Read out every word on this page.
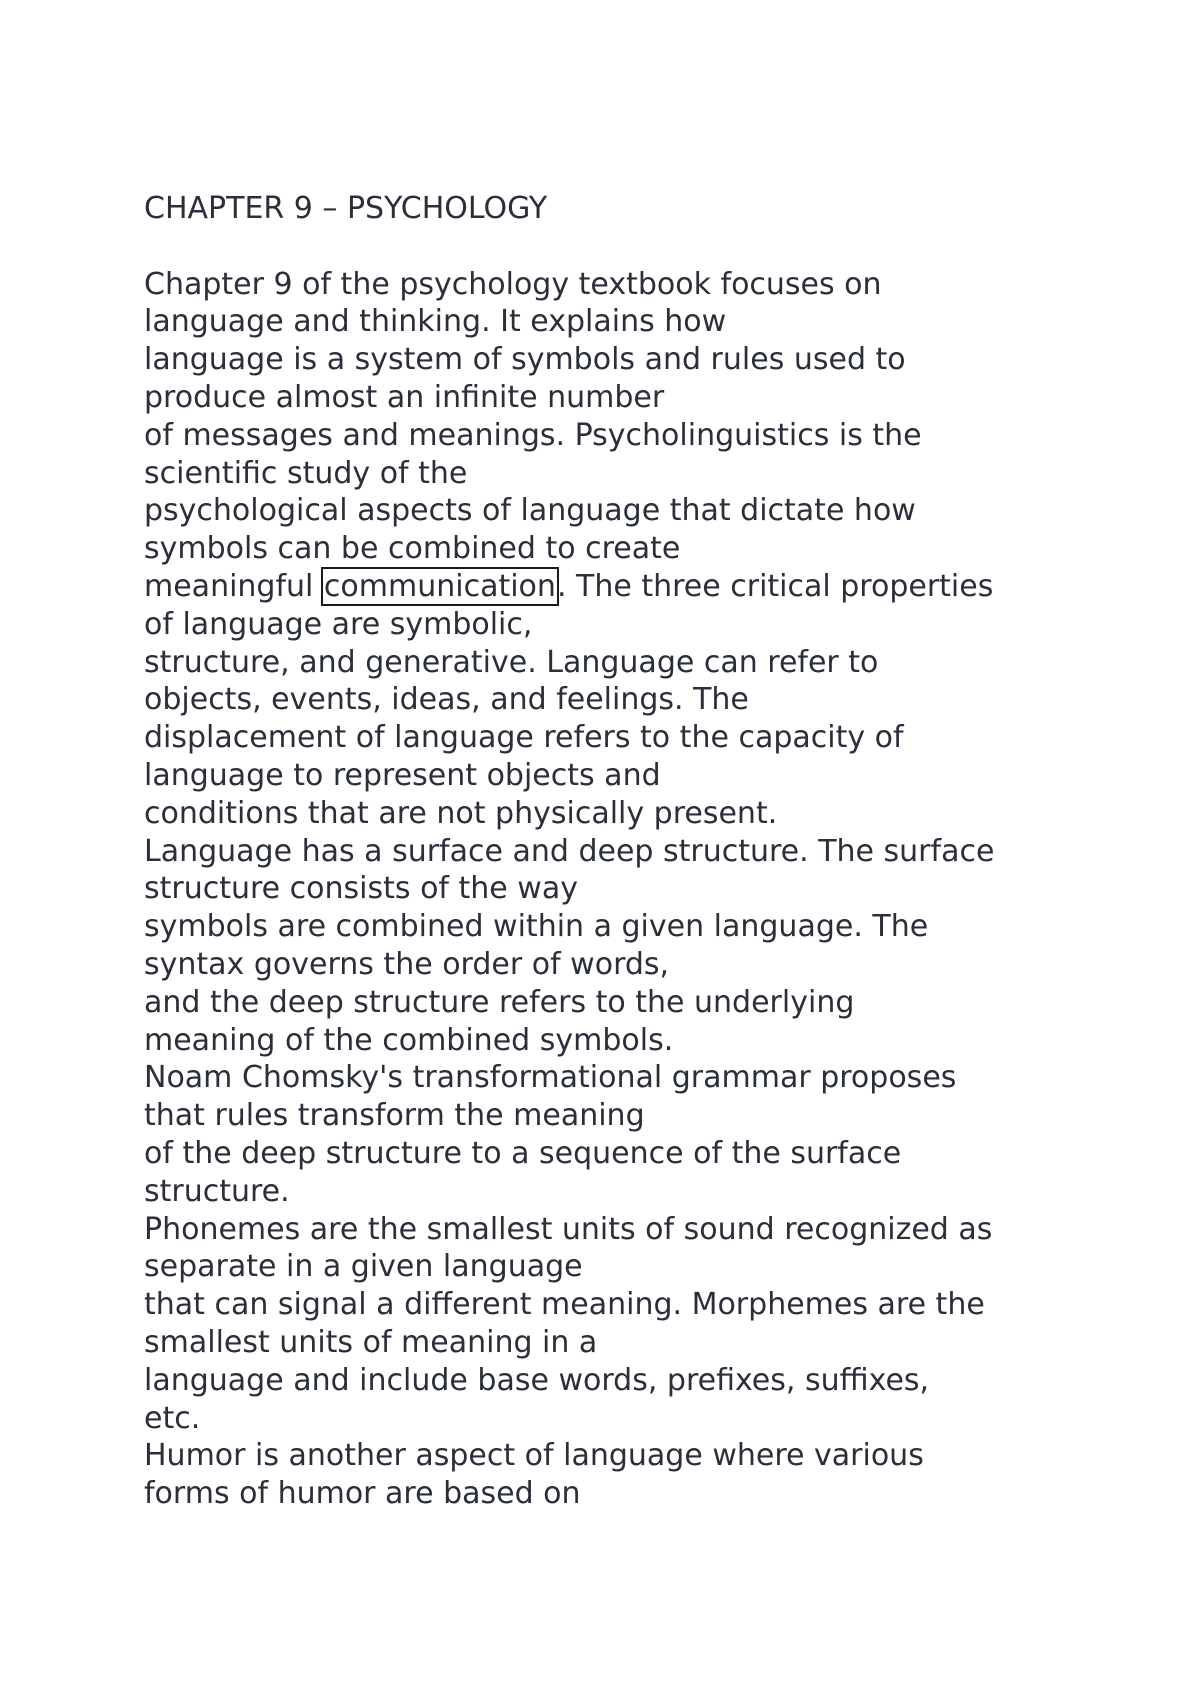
CHAPTER 9 – PSYCHOLOGY
Chapter 9 of the psychology textbook focuses on
language and thinking. It explains how
language is a system of symbols and rules used to
produce almost an infinite number
of messages and meanings. Psycholinguistics is the
scientific study of the
psychological aspects of language that dictate how
symbols can be combined to create
meaningful communication. The three critical properties
of language are symbolic,
structure, and generative. Language can refer to
objects, events, ideas, and feelings. The
displacement of language refers to the capacity of
language to represent objects and
conditions that are not physically present.
Language has a surface and deep structure. The surface
structure consists of the way
symbols are combined within a given language. The
syntax governs the order of words,
and the deep structure refers to the underlying
meaning of the combined symbols.
Noam Chomsky's transformational grammar proposes
that rules transform the meaning
of the deep structure to a sequence of the surface
structure.
Phonemes are the smallest units of sound recognized as
separate in a given language
that can signal a different meaning. Morphemes are the
smallest units of meaning in a
language and include base words, prefixes, suffixes,
etc.
Humor is another aspect of language where various
forms of humor are based on
